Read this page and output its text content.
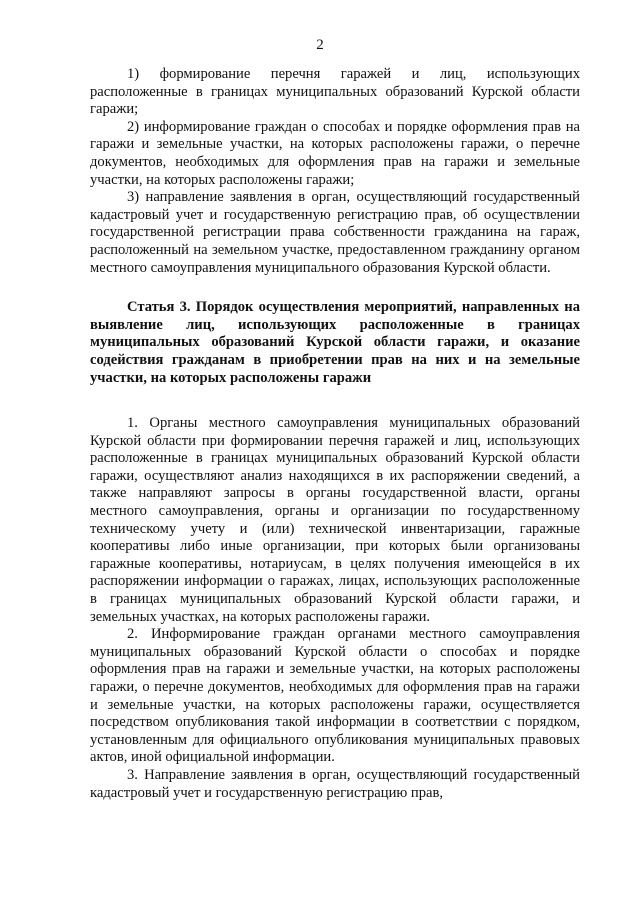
2

1) формирование перечня гаражей и лиц, использующих расположенные в границах муниципальных образований Курской области гаражи;

2) информирование граждан о способах и порядке оформления прав на гаражи и земельные участки, на которых расположены гаражи, о перечне документов, необходимых для оформления прав на гаражи и земельные участки, на которых расположены гаражи;

3) направление заявления в орган, осуществляющий государственный кадастровый учет и государственную регистрацию прав, об осуществлении государственной регистрации права собственности гражданина на гараж, расположенный на земельном участке, предоставленном гражданину органом местного самоуправления муниципального образования Курской области.

Статья 3. Порядок осуществления мероприятий, направленных на выявление лиц, использующих расположенные в границах муниципальных образований Курской области гаражи, и оказание содействия гражданам в приобретении прав на них и на земельные участки, на которых расположены гаражи

1. Органы местного самоуправления муниципальных образований Курской области при формировании перечня гаражей и лиц, использующих расположенные в границах муниципальных образований Курской области гаражи, осуществляют анализ находящихся в их распоряжении сведений, а также направляют запросы в органы государственной власти, органы местного самоуправления, органы и организации по государственному техническому учету и (или) технической инвентаризации, гаражные кооперативы либо иные организации, при которых были организованы гаражные кооперативы, нотариусам, в целях получения имеющейся в их распоряжении информации о гаражах, лицах, использующих расположенные в границах муниципальных образований Курской области гаражи, и земельных участках, на которых расположены гаражи.

2. Информирование граждан органами местного самоуправления муниципальных образований Курской области о способах и порядке оформления прав на гаражи и земельные участки, на которых расположены гаражи, о перечне документов, необходимых для оформления прав на гаражи и земельные участки, на которых расположены гаражи, осуществляется посредством опубликования такой информации в соответствии с порядком, установленным для официального опубликования муниципальных правовых актов, иной официальной информации.

3. Направление заявления в орган, осуществляющий государственный кадастровый учет и государственную регистрацию прав,
